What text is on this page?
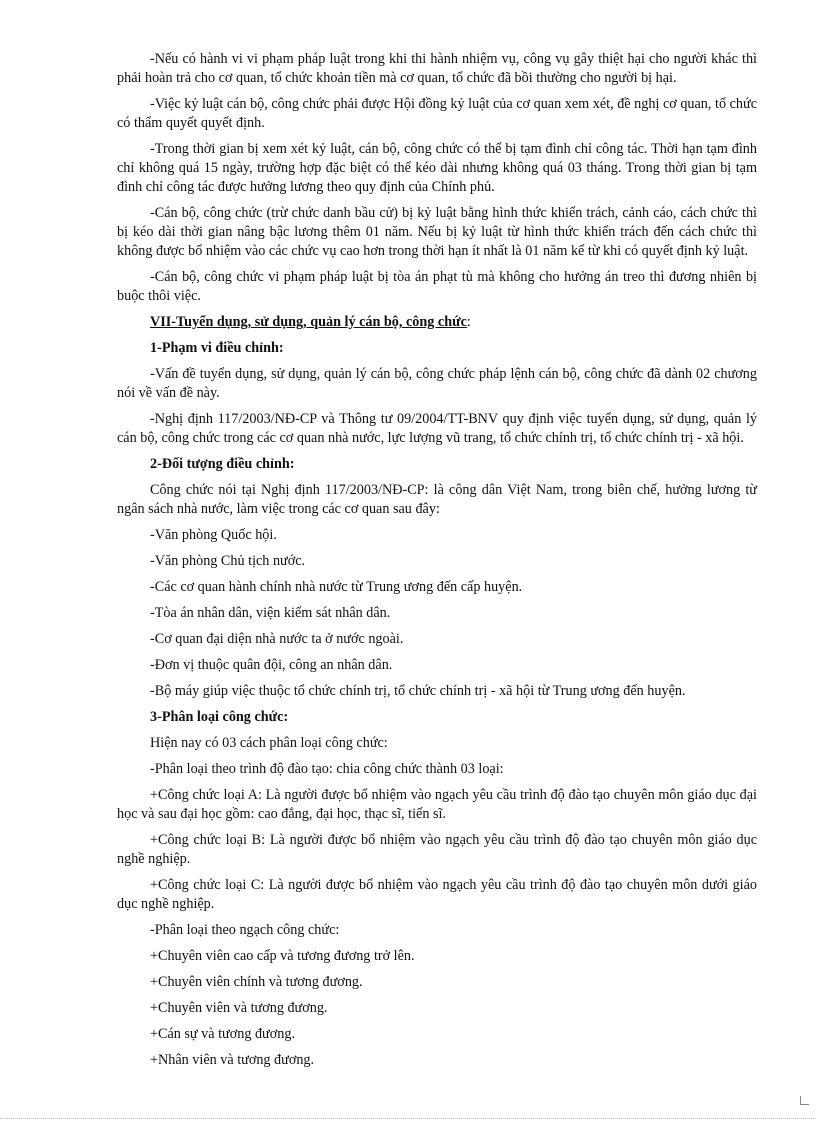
-Nếu có hành vi vi phạm pháp luật trong khi thi hành nhiệm vụ, công vụ gây thiệt hại cho người khác thì phải hoàn trả cho cơ quan, tổ chức khoản tiền mà cơ quan, tổ chức đã bồi thường cho người bị hại.

-Việc kỷ luật cán bộ, công chức phải được Hội đồng kỷ luật của cơ quan xem xét, đề nghị cơ quan, tổ chức có thẩm quyết quyết định.

-Trong thời gian bị xem xét kỷ luật, cán bộ, công chức có thể bị tạm đình chỉ công tác. Thời hạn tạm đình chỉ không quá 15 ngày, trường hợp đặc biệt có thể kéo dài nhưng không quá 03 tháng. Trong thời gian bị tạm đình chỉ công tác được hưởng lương theo quy định của Chính phủ.

-Cán bộ, công chức (trừ chức danh bầu cử) bị kỷ luật bằng hình thức khiển trách, cảnh cáo, cách chức thì bị kéo dài thời gian nâng bậc lương thêm 01 năm. Nếu bị kỷ luật từ hình thức khiển trách đến cách chức thì không được bổ nhiệm vào các chức vụ cao hơn trong thời hạn ít nhất là 01 năm kể từ khi có quyết định kỷ luật.

-Cán bộ, công chức vi phạm pháp luật bị tòa án phạt tù mà không cho hưởng án treo thì đương nhiên bị buộc thôi việc.

VII-Tuyển dụng, sử dụng, quản lý cán bộ, công chức:

1-Phạm vi điều chỉnh:

-Vấn đề tuyển dụng, sử dụng, quản lý cán bộ, công chức pháp lệnh cán bộ, công chức đã dành 02 chương nói về vấn đề này.

-Nghị định 117/2003/NĐ-CP và Thông tư 09/2004/TT-BNV quy định việc tuyển dụng, sử dụng, quản lý cán bộ, công chức trong các cơ quan nhà nước, lực lượng vũ trang, tổ chức chính trị, tổ chức chính trị - xã hội.

2-Đối tượng điều chỉnh:

Công chức nói tại Nghị định 117/2003/NĐ-CP: là công dân Việt Nam, trong biên chế, hưởng lương từ ngân sách nhà nước, làm việc trong các cơ quan sau đây:

-Văn phòng Quốc hội.

-Văn phòng Chủ tịch nước.

-Các cơ quan hành chính nhà nước từ Trung ương đến cấp huyện.

-Tòa án nhân dân, viện kiểm sát nhân dân.

-Cơ quan đại diện nhà nước ta ở nước ngoài.

-Đơn vị thuộc quân đội, công an nhân dân.

-Bộ máy giúp việc thuộc tổ chức chính trị, tổ chức chính trị - xã hội từ Trung ương đến huyện.

3-Phân loại công chức:

Hiện nay có 03 cách phân loại công chức:

-Phân loại theo trình độ đào tạo: chia công chức thành 03 loại:

+Công chức loại A: Là người được bổ nhiệm vào ngạch yêu cầu trình độ đào tạo chuyên môn giáo dục đại học và sau đại học gồm: cao đẳng, đại học, thạc sĩ, tiến sĩ.

+Công chức loại B: Là người được bổ nhiệm vào ngạch yêu cầu trình độ đào tạo chuyên môn giáo dục nghề nghiệp.

+Công chức loại C: Là người được bổ nhiệm vào ngạch yêu cầu trình độ đào tạo chuyên môn dưới giáo dục nghề nghiệp.

-Phân loại theo ngạch công chức:

+Chuyên viên cao cấp và tương đương trở lên.

+Chuyên viên chính và tương đương.

+Chuyên viên và tương đương.

+Cán sự và tương đương.

+Nhân viên và tương đương.
